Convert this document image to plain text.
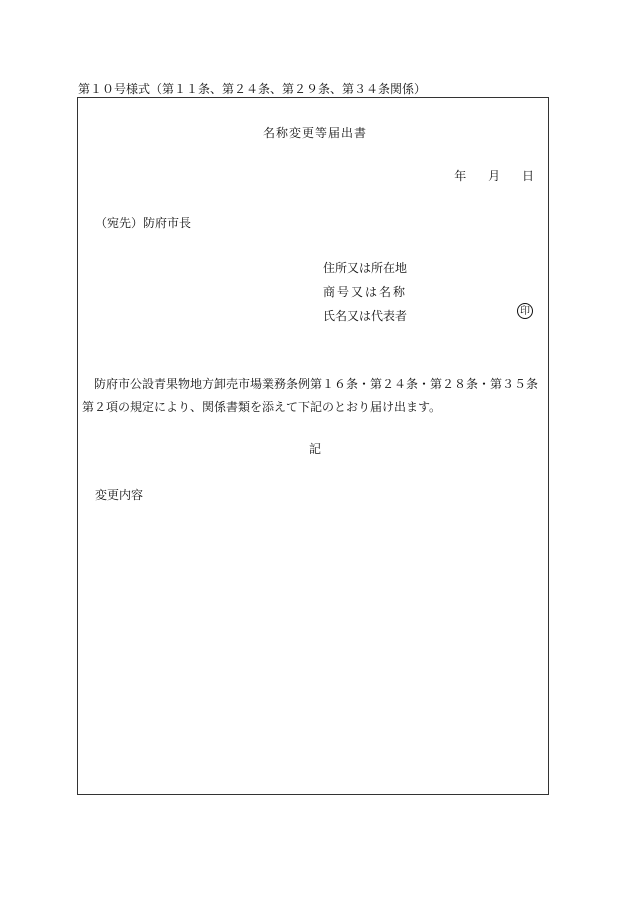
第１０号様式（第１１条、第２４条、第２９条、第３４条関係）
名称変更等届出書
年 月 日
（宛先）防府市長
住所又は所在地
商号又は名称
氏名又は代表者	印
防府市公設青果物地方卸売市場業務条例第１６条・第２４条・第２８条・第３５条第２項の規定により、関係書類を添えて下記のとおり届け出ます。
記
変更内容
